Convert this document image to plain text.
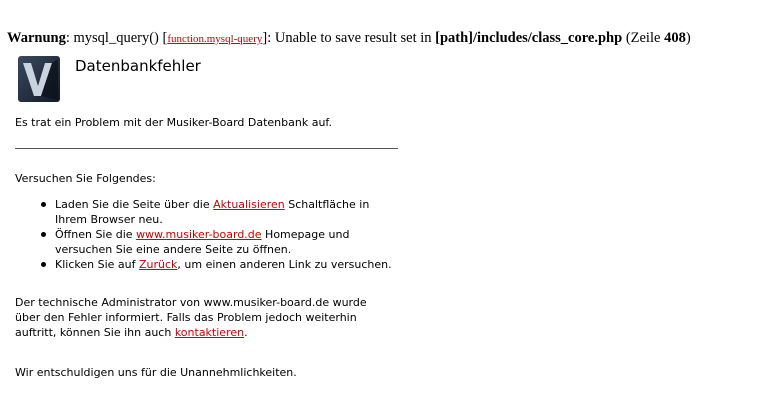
Warnung: mysql_query() [function.mysql-query]: Unable to save result set in [path]/includes/class_core.php (Zeile 408)
Datenbankfehler

Es trat ein Problem mit der Musiker-Board Datenbank auf.

Versuchen Sie Folgendes:

Laden Sie die Seite über die Aktualisieren Schaltfläche in Ihrem Browser neu.
Öffnen Sie die www.musiker-board.de Homepage und versuchen Sie eine andere Seite zu öffnen.
Klicken Sie auf Zurück, um einen anderen Link zu versuchen.

Der technische Administrator von www.musiker-board.de wurde über den Fehler informiert. Falls das Problem jedoch weiterhin auftritt, können Sie ihn auch kontaktieren.

Wir entschuldigen uns für die Unannehmlichkeiten.
